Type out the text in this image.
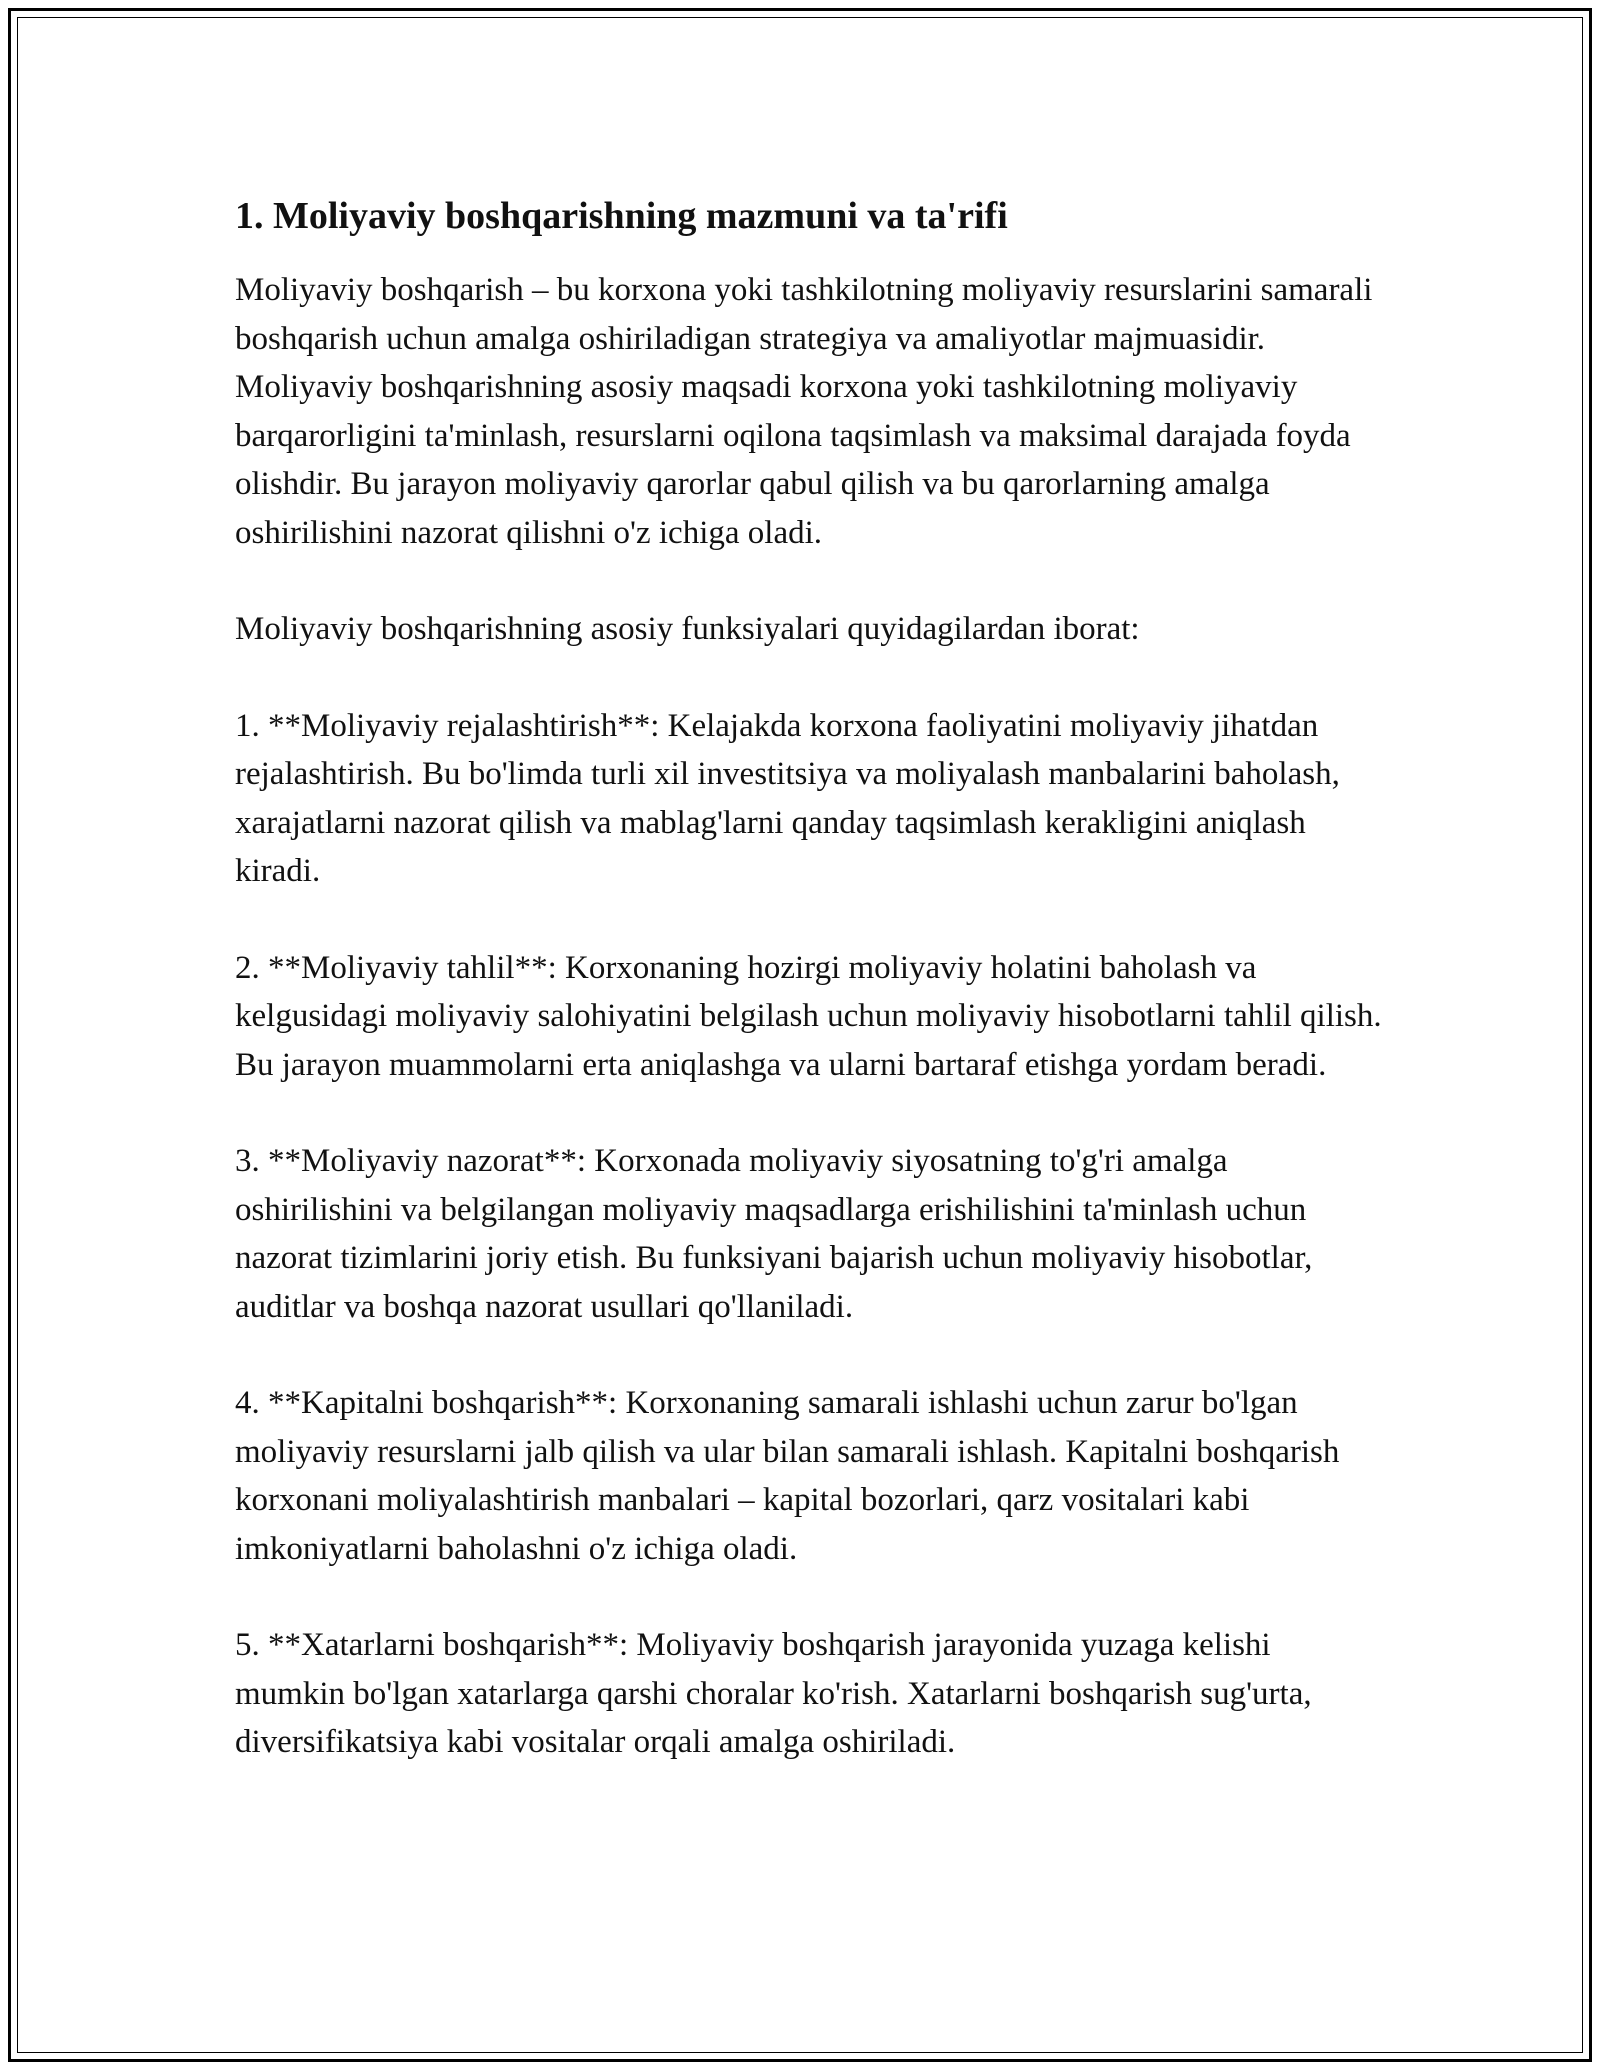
1. Moliyaviy boshqarishning mazmuni va ta'rifi

Moliyaviy boshqarish – bu korxona yoki tashkilotning moliyaviy resurslarini samarali boshqarish uchun amalga oshiriladigan strategiya va amaliyotlar majmuasidir. Moliyaviy boshqarishning asosiy maqsadi korxona yoki tashkilotning moliyaviy barqarorligini ta'minlash, resurslarni oqilona taqsimlash va maksimal darajada foyda olishdir. Bu jarayon moliyaviy qarorlar qabul qilish va bu qarorlarning amalga oshirilishini nazorat qilishni o'z ichiga oladi.

Moliyaviy boshqarishning asosiy funksiyalari quyidagilardan iborat:

1. **Moliyaviy rejalashtirish**: Kelajakda korxona faoliyatini moliyaviy jihatdan rejalashtirish. Bu bo'limda turli xil investitsiya va moliyalash manbalarini baholash, xarajatlarni nazorat qilish va mablag'larni qanday taqsimlash kerakligini aniqlash kiradi.

2. **Moliyaviy tahlil**: Korxonaning hozirgi moliyaviy holatini baholash va kelgusidagi moliyaviy salohiyatini belgilash uchun moliyaviy hisobotlarni tahlil qilish. Bu jarayon muammolarni erta aniqlashga va ularni bartaraf etishga yordam beradi.

3. **Moliyaviy nazorat**: Korxonada moliyaviy siyosatning to'g'ri amalga oshirilishini va belgilangan moliyaviy maqsadlarga erishilishini ta'minlash uchun nazorat tizimlarini joriy etish. Bu funksiyani bajarish uchun moliyaviy hisobotlar, auditlar va boshqa nazorat usullari qo'llaniladi.

4. **Kapitalni boshqarish**: Korxonaning samarali ishlashi uchun zarur bo'lgan moliyaviy resurslarni jalb qilish va ular bilan samarali ishlash. Kapitalni boshqarish korxonani moliyalashtirish manbalari – kapital bozorlari, qarz vositalari kabi imkoniyatlarni baholashni o'z ichiga oladi.

5. **Xatarlarni boshqarish**: Moliyaviy boshqarish jarayonida yuzaga kelishi mumkin bo'lgan xatarlarga qarshi choralar ko'rish. Xatarlarni boshqarish sug'urta, diversifikatsiya kabi vositalar orqali amalga oshiriladi.
